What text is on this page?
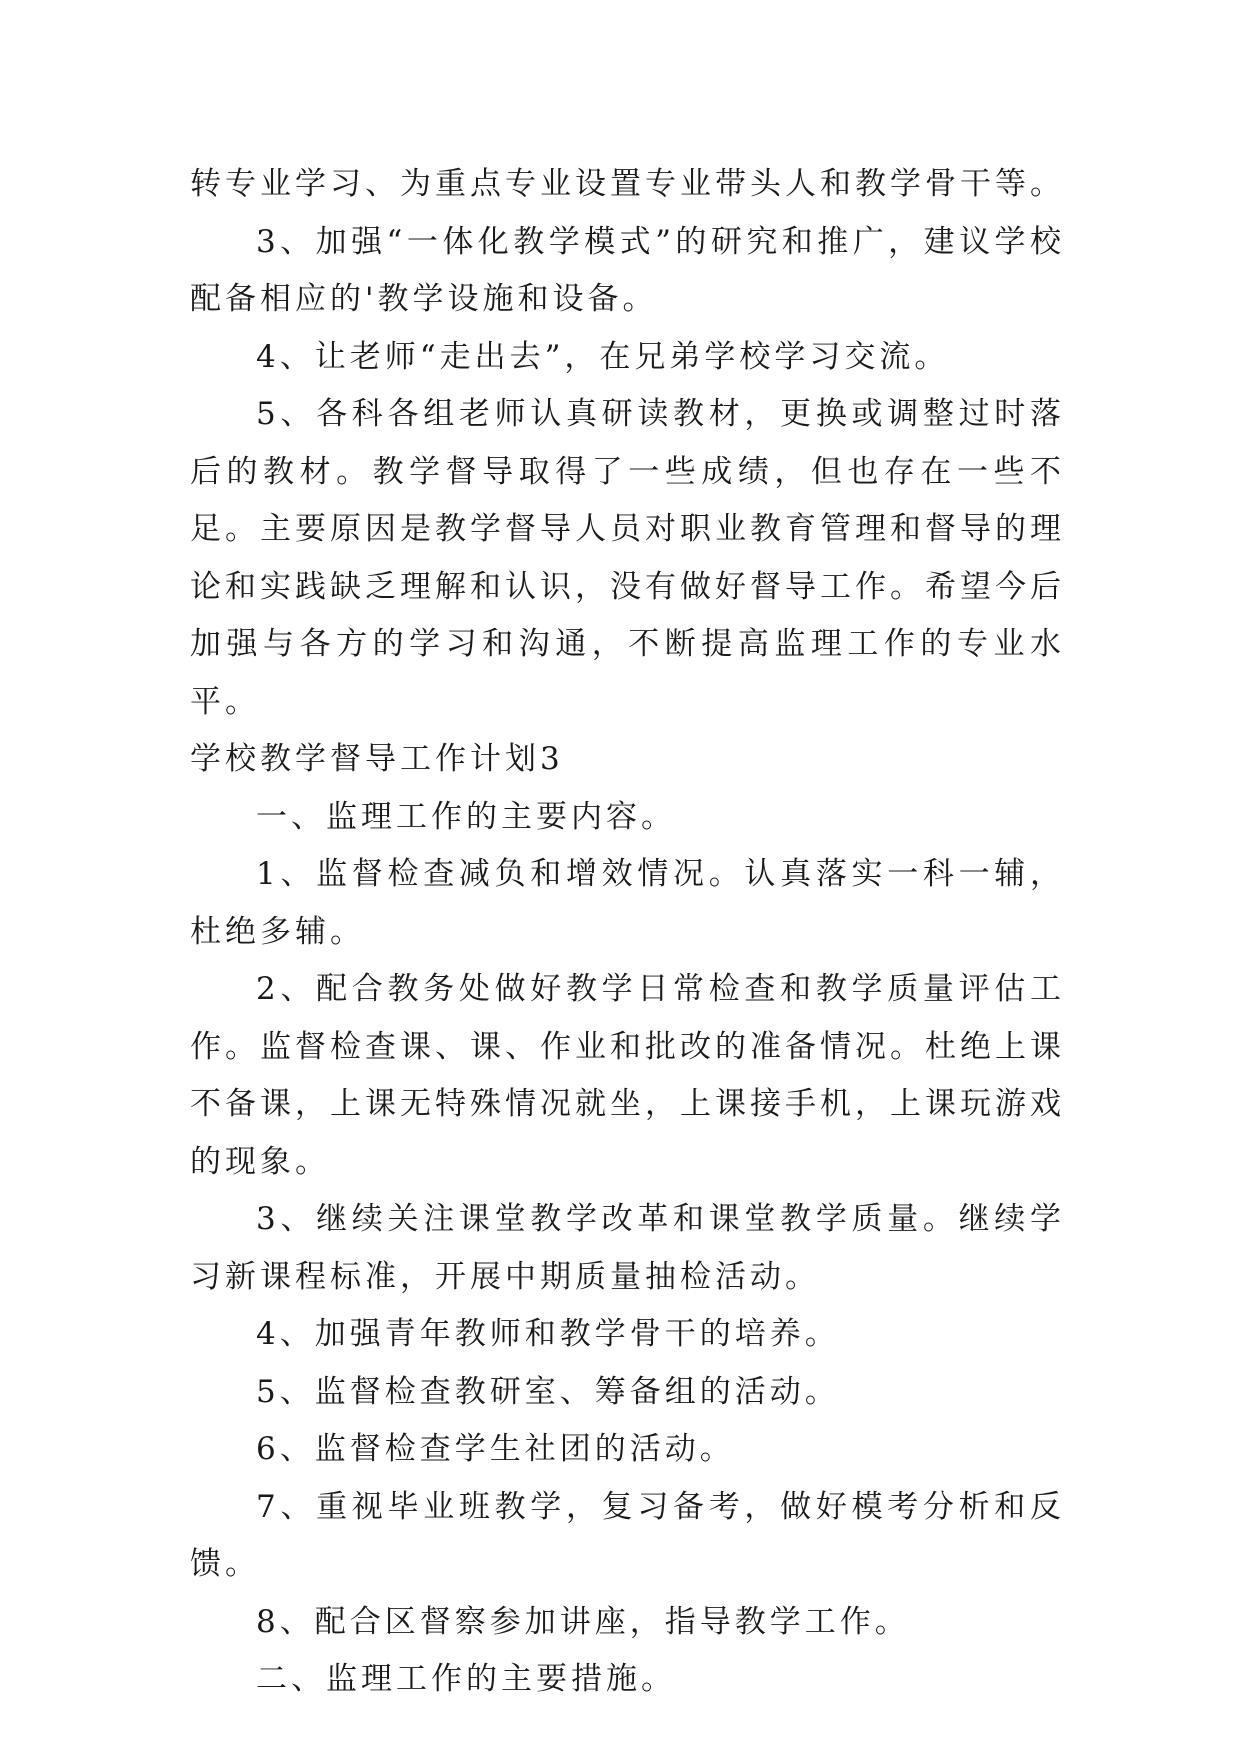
转专业学习、为重点专业设置专业带头人和教学骨干等。

3、加强“一体化教学模式”的研究和推广，建议学校配备相应的'教学设施和设备。

4、让老师“走出去”，在兄弟学校学习交流。

5、各科各组老师认真研读教材，更换或调整过时落后的教材。教学督导取得了一些成绩，但也存在一些不足。主要原因是教学督导人员对职业教育管理和督导的理论和实践缺乏理解和认识，没有做好督导工作。希望今后加强与各方的学习和沟通，不断提高监理工作的专业水平。

学校教学督导工作计划3

一、监理工作的主要内容。

1、监督检查减负和增效情况。认真落实一科一辅，杜绝多辅。

2、配合教务处做好教学日常检查和教学质量评估工作。监督检查课、课、作业和批改的准备情况。杜绝上课不备课，上课无特殊情况就坐，上课接手机，上课玩游戏的现象。

3、继续关注课堂教学改革和课堂教学质量。继续学习新课程标准，开展中期质量抽检活动。

4、加强青年教师和教学骨干的培养。

5、监督检查教研室、筹备组的活动。

6、监督检查学生社团的活动。

7、重视毕业班教学，复习备考，做好模考分析和反馈。

8、配合区督察参加讲座，指导教学工作。

二、监理工作的主要措施。
